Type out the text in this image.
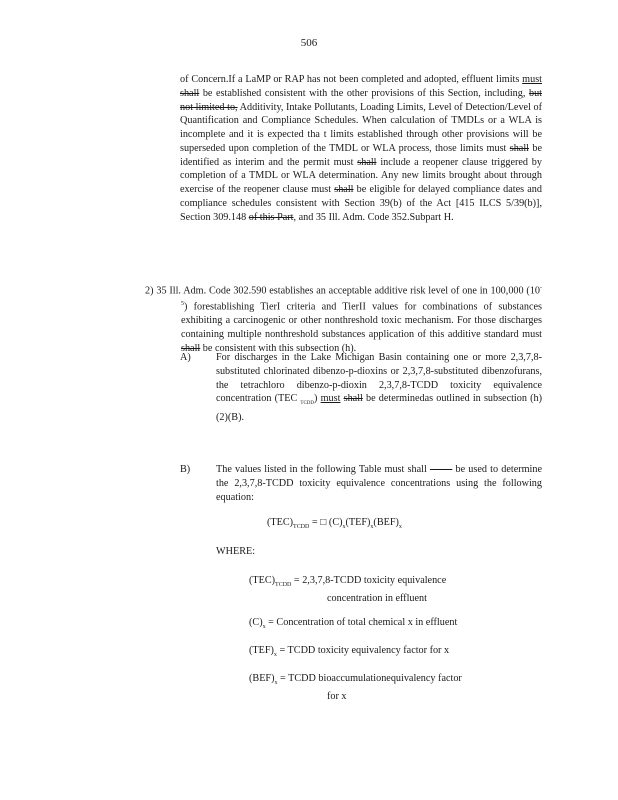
506
of Concern.If a LaMP or RAP has not been completed and adopted, effluent limits must shall be established consistent with the other provisions of this Section, including, but not limited to, Additivity, Intake Pollutants, Loading Limits, Level of Detection/Level of Quantification and Compliance Schedules. When calculation of TMDLs or a WLA is incomplete and it is expected tha t limits established through other provisions will be superseded upon completion of the TMDL or WLA process, those limits must shall be identified as interim and the permit must shall include a reopener clause triggered by completion of a TMDL or WLA determination. Any new limits brought about through exercise of the reopener clause must shall be eligible for delayed compliance dates and compliance schedules consistent with Section 39(b) of the Act [415 ILCS 5/39(b)], Section 309.148 of this Part, and 35 Ill. Adm. Code 352.Subpart H.
2) 35 Ill. Adm. Code 302.590 establishes an acceptable additive risk level of one in 100,000 $(10^{-5})$ forestablishing TierI criteria and TierII values for combinations of substances exhibiting a carcinogenic or other nonthreshold toxic mechanism. For those discharges containing multiple nonthreshold substances application of this additive standard must shall be consistent with this subsection (h).
A) For discharges in the Lake Michigan Basin containing one or more 2,3,7,8-substituted chlorinated dibenzo-p-dioxins or 2,3,7,8-substituted dibenzofurans, the tetrachloro dibenzo-p-dioxin 2,3,7,8-TCDD toxicity equivalence concentration (TEC $_{TCDD}$) must shall be determinedas outlined in subsection (h)(2)(B).
B)	The values listed in the following Table must shall         be used to determine the 2,3,7,8-TCDD toxicity equivalence concentrations using the following equation:
$(TEC)_{TCDD}$ = □ $(C)_x(TEF)_x(BEF)_x$
WHERE:
$(TEC)_{TCDD}$ = 2,3,7,8-TCDD toxicity equivalence
concentration in effluent
$(C)_x$ = Concentration of total chemical x in effluent
$(TEF)_x$ = TCDD toxicity equivalency factor for x
$(BEF)_x$ = TCDD bioaccumulationequivalency factor
for x
